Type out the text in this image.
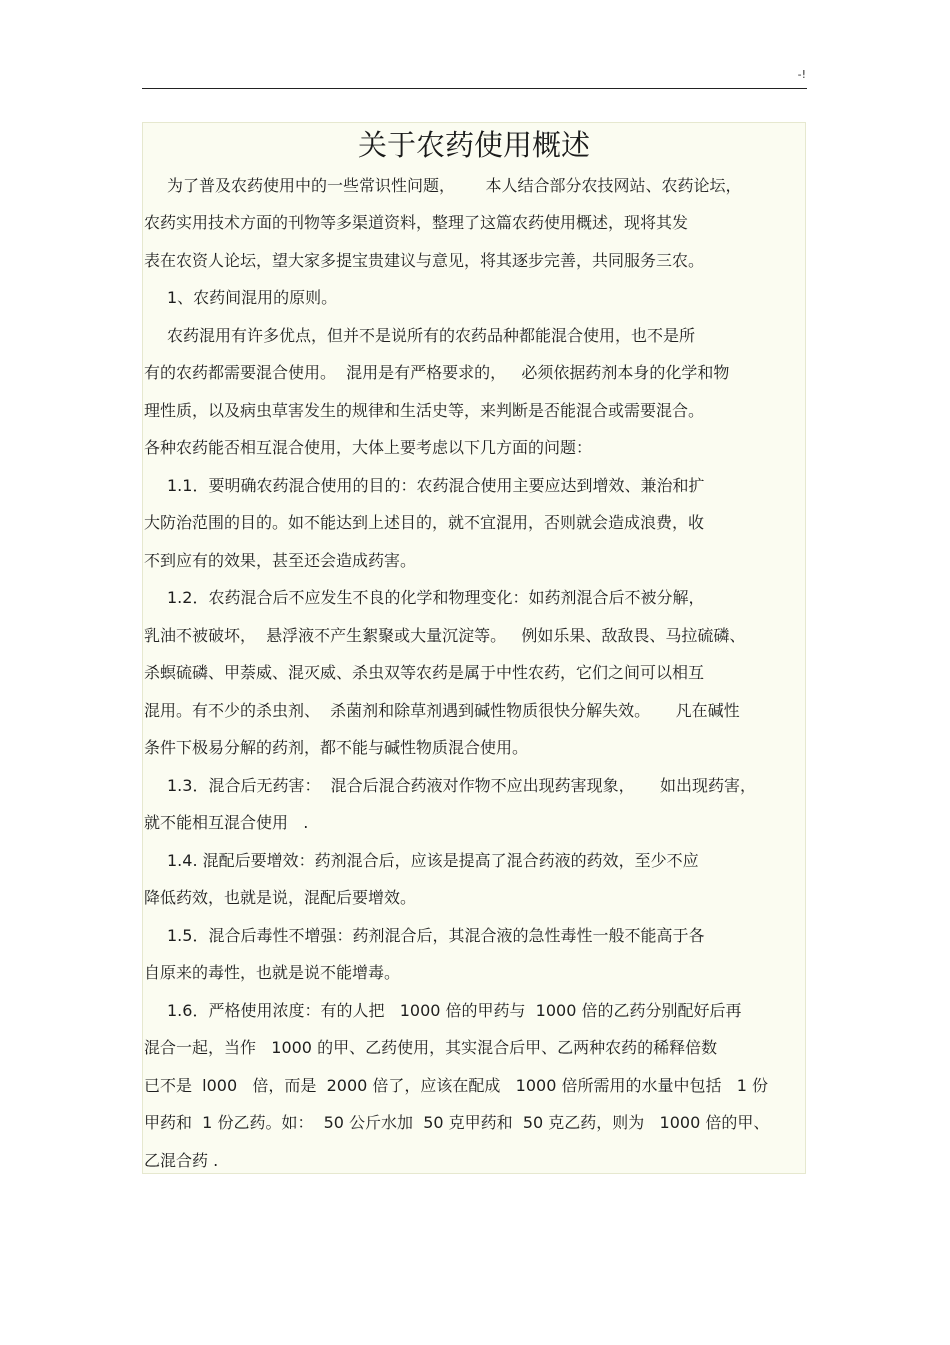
-!
关于农药使用概述
为了普及农药使用中的一些常识性问题，      本人结合部分农技网站、农药论坛，
农药实用技术方面的刊物等多渠道资料，整理了这篇农药使用概述，现将其发
表在农资人论坛，望大家多提宝贵建议与意见，将其逐步完善，共同服务三农。
1、农药间混用的原则。
农药混用有许多优点，但并不是说所有的农药品种都能混合使用，也不是所
有的农药都需要混合使用。  混用是有严格要求的，   必须依据药剂本身的化学和物
理性质，以及病虫草害发生的规律和生活史等，来判断是否能混合或需要混合。
各种农药能否相互混合使用，大体上要考虑以下几方面的问题：
1.1．要明确农药混合使用的目的：农药混合使用主要应达到增效、兼治和扩
大防治范围的目的。如不能达到上述目的，就不宜混用，否则就会造成浪费，收
不到应有的效果，甚至还会造成药害。
1.2．农药混合后不应发生不良的化学和物理变化：如药剂混合后不被分解，
乳油不被破坏，  悬浮液不产生絮聚或大量沉淀等。   例如乐果、敌敌畏、马拉硫磷、
杀螟硫磷、甲萘威、混灭威、杀虫双等农药是属于中性农药，它们之间可以相互
混用。有不少的杀虫剂、  杀菌剂和除草剂遇到碱性物质很快分解失效。     凡在碱性
条件下极易分解的药剂，都不能与碱性物质混合使用。
1.3．混合后无药害：  混合后混合药液对作物不应出现药害现象，     如出现药害，
就不能相互混合使用   .
1.4. 混配后要增效：药剂混合后，应该是提高了混合药液的药效，至少不应
降低药效，也就是说，混配后要增效。
1.5．混合后毒性不增强：药剂混合后，其混合液的急性毒性一般不能高于各
自原来的毒性，也就是说不能增毒。
1.6．严格使用浓度：有的人把   1000 倍的甲药与  1000 倍的乙药分别配好后再
混合一起，当作   1000 的甲、乙药使用，其实混合后甲、乙两种农药的稀释倍数
已不是  l000   倍，而是  2000 倍了，应该在配成   1000 倍所需用的水量中包括   1 份
甲药和  1 份乙药。如：  50 公斤水加  50 克甲药和  50 克乙药，则为   1000 倍的甲、
乙混合药 .
